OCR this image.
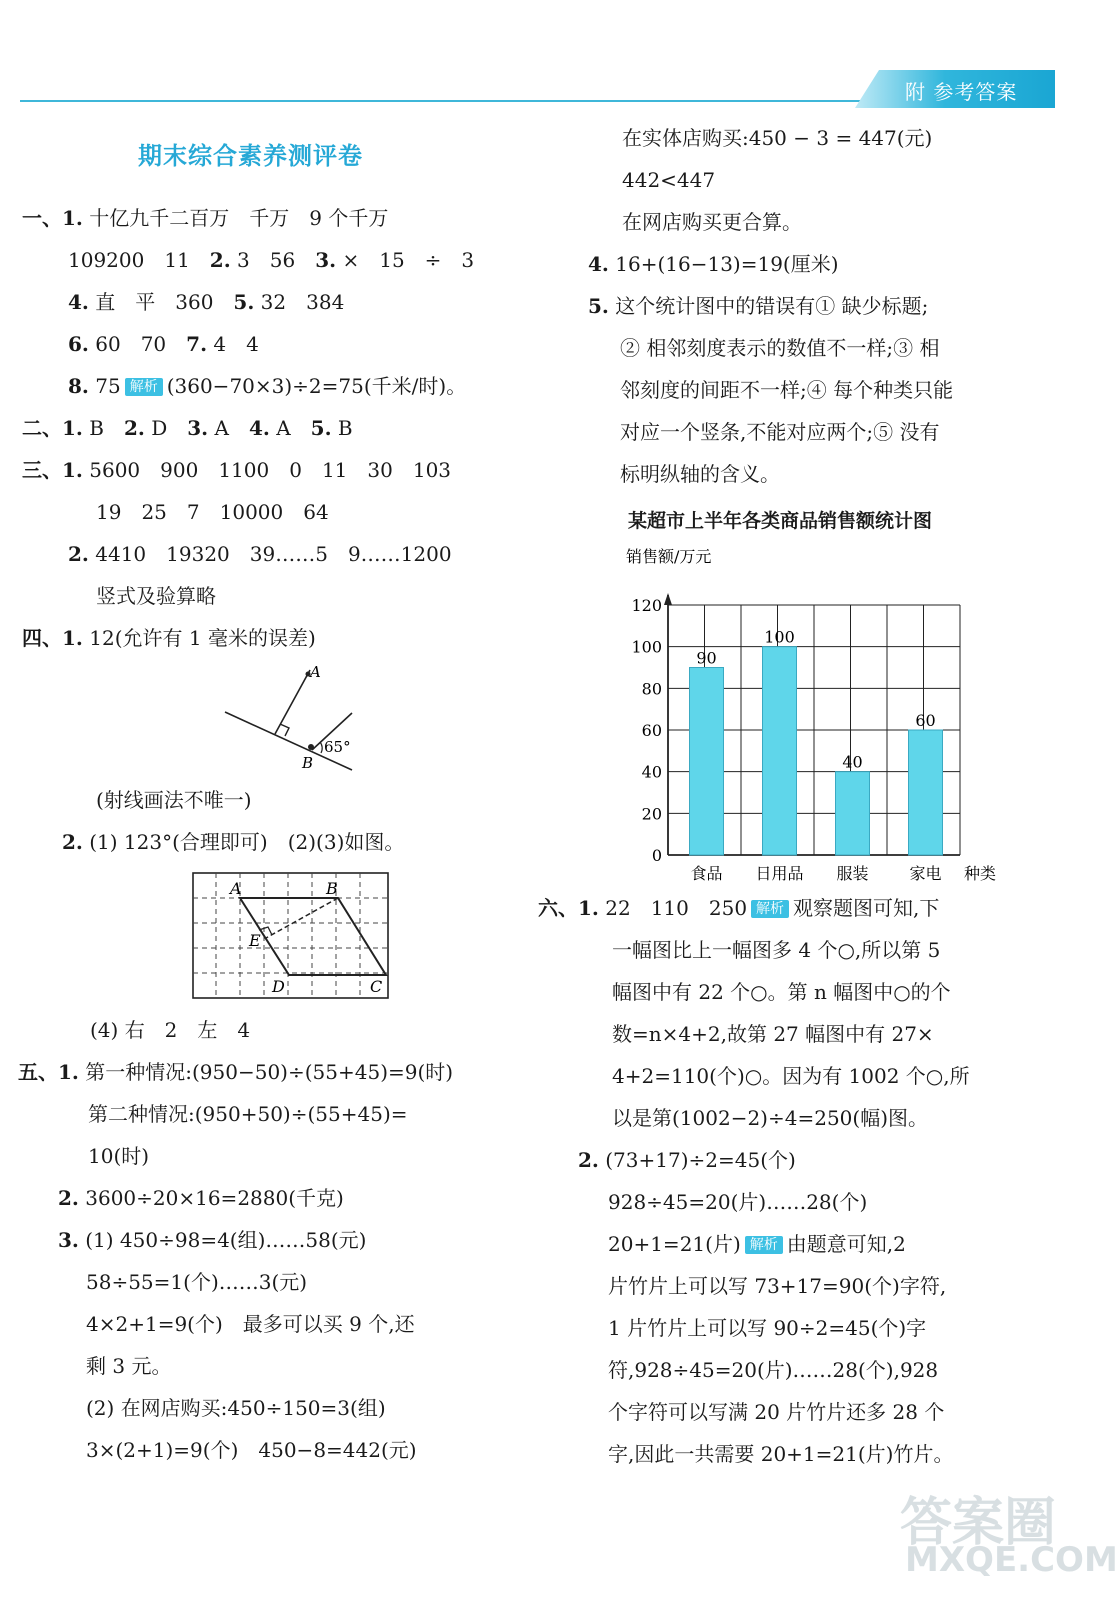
附 参考答案
期末综合素养测评卷
一、1. 十亿九千二百万　千万　9 个千万
109200　11　2. 3　56　3. ×　15　÷　3
4. 直　平　360　5. 32　384
6. 60　70　7. 4　4
8. 75 解析 (360−70×3)÷2=75(千米/时)。
二、1. B　2. D　3. A　4. A　5. B
三、1. 5600　900　1100　0　11　30　103
19　25　7　10000　64
2. 4410　19320　39……5　9……1200
竖式及验算略
四、1. 12(允许有 1 毫米的误差)
A
B
65°
(射线画法不唯一)
2. (1) 123°(合理即可)　(2)(3)如图。
A	B
E
D	C
(4) 右　2　左　4
五、1. 第一种情况:(950−50)÷(55+45)=9(时)
第二种情况:(950+50)÷(55+45)=
10(时)
2. 3600÷20×16=2880(千克)
3. (1) 450÷98=4(组)……58(元)
58÷55=1(个)……3(元)
4×2+1=9(个)　最多可以买 9 个,还
剩 3 元。
(2) 在网店购买:450÷150=3(组)
3×(2+1)=9(个)　450−8=442(元)
在实体店购买:450 − 3 = 447(元)
442<447
在网店购买更合算。
4. 16+(16−13)=19(厘米)
5. 这个统计图中的错误有① 缺少标题;
② 相邻刻度表示的数值不一样;③ 相
邻刻度的间距不一样;④ 每个种类只能
对应一个竖条,不能对应两个;⑤ 没有
标明纵轴的含义。
某超市上半年各类商品销售额统计图
0
20
40
60
80
100
120
销售额/万元
90
食品
100
日用品
40
服装
60
家电 种类
六、1. 22　110　250 解析 观察题图可知,下
一幅图比上一幅图多 4 个○,所以第 5
幅图中有 22 个○。第 n 幅图中○的个
数=n×4+2,故第 27 幅图中有 27×
4+2=110(个)○。因为有 1002 个○,所
以是第(1002−2)÷4=250(幅)图。
2. (73+17)÷2=45(个)
928÷45=20(片)……28(个)
20+1=21(片) 解析 由题意可知,2
片竹片上可以写 73+17=90(个)字符,
1 片竹片上可以写 90÷2=45(个)字
符,928÷45=20(片)……28(个),928
个字符可以写满 20 片竹片还多 28 个
字,因此一共需要 20+1=21(片)竹片。
答案圈
MXQE.COM
